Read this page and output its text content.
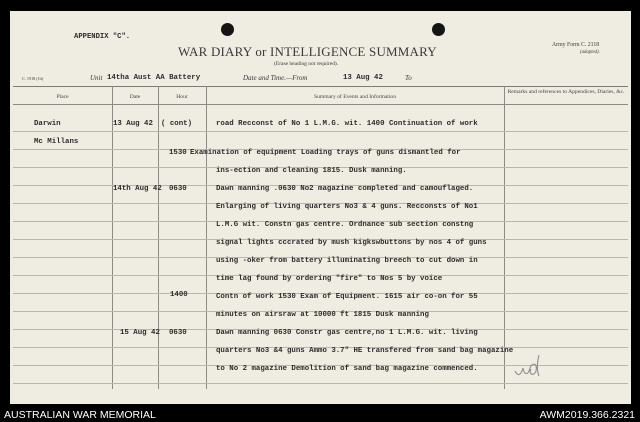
APPENDIX "C".
WAR DIARY or INTELLIGENCE SUMMARY
(Erase heading not required).
Army Form C. 2118
(adapted).
C. 1918 (Gt)	Unit 14tha Aust AA Battery	Date and Time.—From	13 Aug 42	To
Place	Date	Hour	Summary of Events and Information
Remarks and references to Appendices, Diaries, &c.
Darwin	13 Aug 42	( cont)	road Recconst of No 1 L.M.G. wit. 1400 Continuation of work
Mc Millans
1530 Examination of equipment Loading trays of guns dismantled for
ins-ection and cleaning 1815. Dusk manning.
14th Aug 42 0630	Dawn manning .0630 No2 magazine completed and camouflaged.
Enlarging of living quarters No3 & 4 guns. Recconsts of No1
L.M.G wit. Constn gas centre. Ordnance sub section constng
signal lights cccrated by mush kigkswbuttons by nos 4 of guns
using -oker from battery illuminating breech to cut down in
time lag found by ordering "fire" to Nos 5 by voice
1400	Contn of work 1530 Exam of Equipment. 1615 air co-on for 55
minutes on airsraw at 10000 ft 1815 Dusk manning
15 Aug 42 0630	Dawn manning 0630 Constr gas centre,no 1 L.M.G. wit. living
quarters No3 &4 guns Ammo 3.7" HE transfered from sand bag magazine
to No 2 magazine Demolition of sand bag magazine commenced.
AUSTRALIAN WAR MEMORIAL	AWM2019.366.2321
